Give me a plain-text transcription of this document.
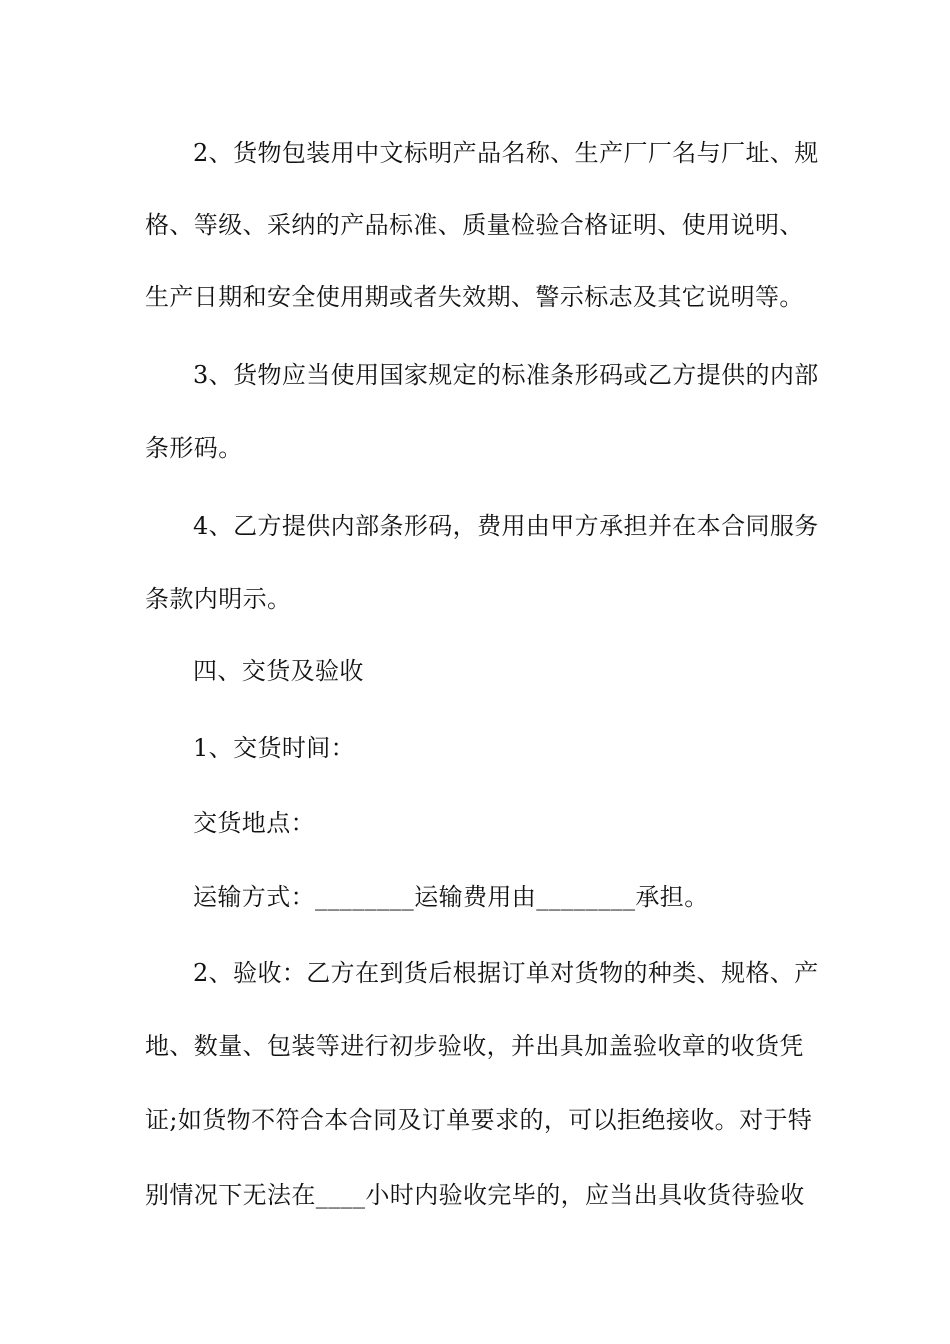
2、货物包装用中文标明产品名称、生产厂厂名与厂址、规
格、等级、采纳的产品标准、质量检验合格证明、使用说明、
生产日期和安全使用期或者失效期、警示标志及其它说明等。
3、货物应当使用国家规定的标准条形码或乙方提供的内部
条形码。
4、乙方提供内部条形码，费用由甲方承担并在本合同服务
条款内明示。
四、交货及验收
1、交货时间：
交货地点：
运输方式：________运输费用由________承担。
2、验收：乙方在到货后根据订单对货物的种类、规格、产
地、数量、包装等进行初步验收，并出具加盖验收章的收货凭
证;如货物不符合本合同及订单要求的，可以拒绝接收。对于特
别情况下无法在____小时内验收完毕的，应当出具收货待验收
